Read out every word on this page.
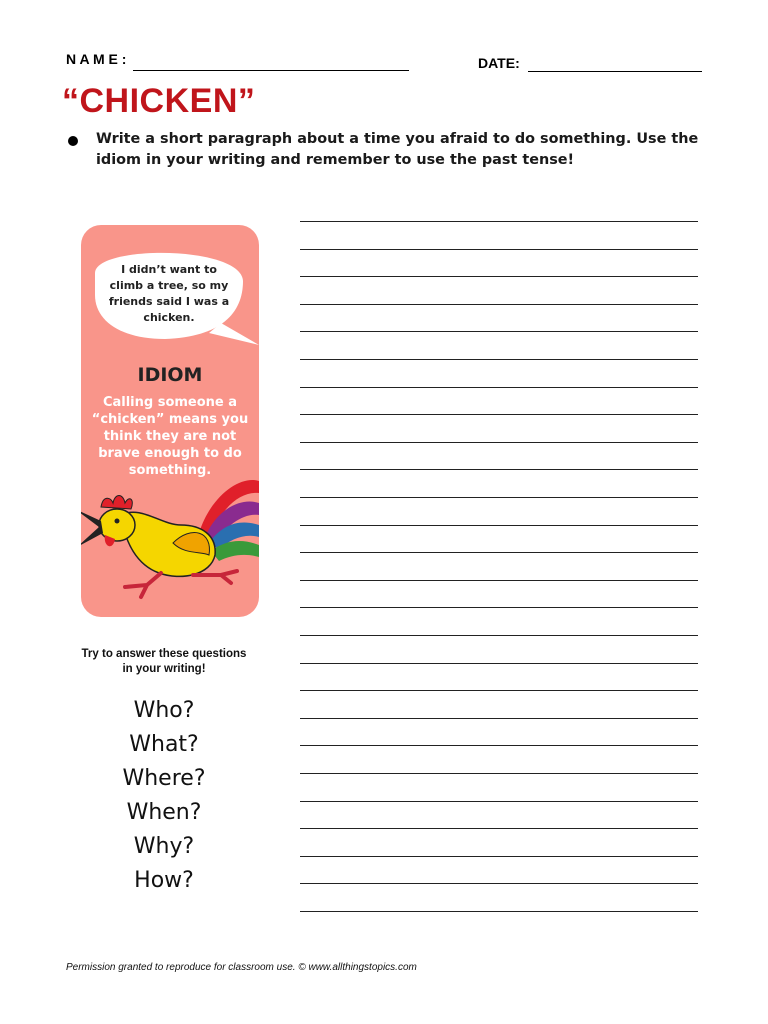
N A M E :	DATE:
“CHICKEN”
Write a short paragraph about a time you afraid to do something. Use the idiom in your writing and remember to use the past tense!
I didn’t want to climb a tree, so my friends said I was a chicken.
IDIOM
Calling someone a “chicken” means you think they are not brave enough to do something.
Try to answer these questions in your writing!
Who?
What?
Where?
When?
Why?
How?
Permission granted to reproduce for classroom use. © www.allthingstopics.com
